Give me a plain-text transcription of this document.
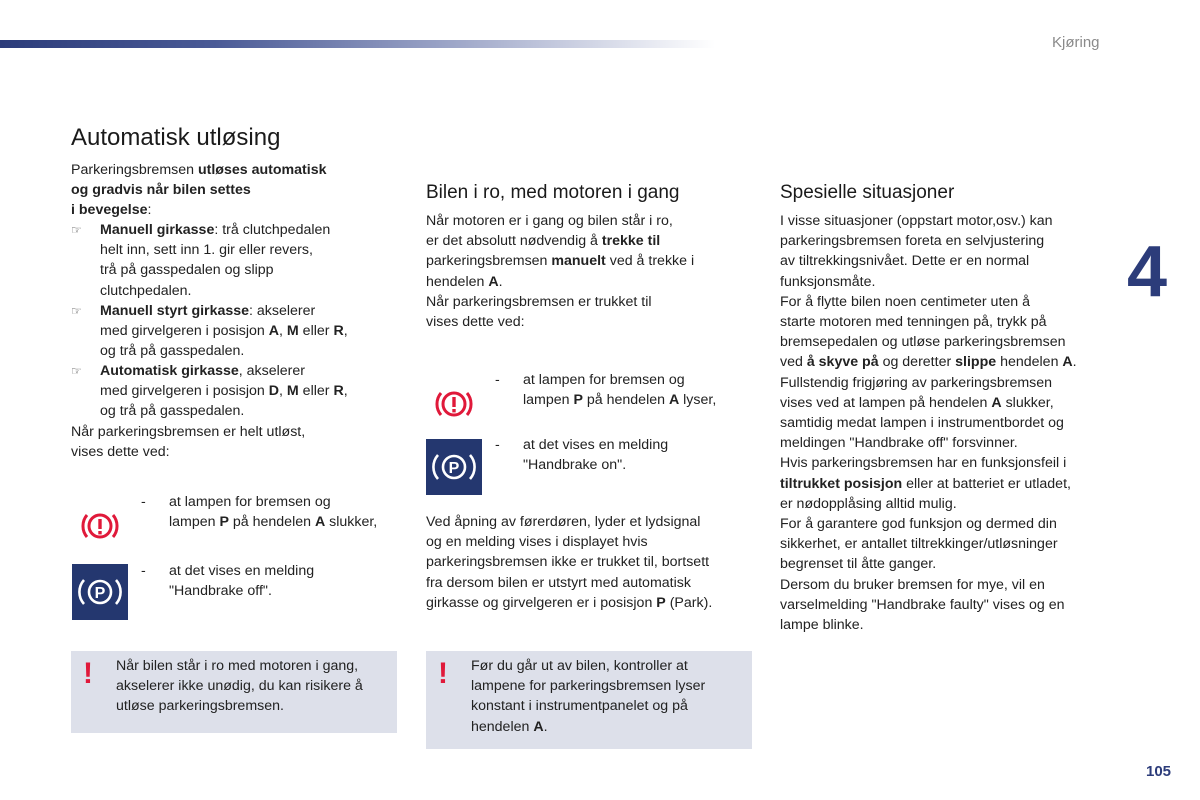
Kjøring
4
105
Automatisk utløsing

Parkeringsbremsen utløses automatisk
og gradvis når bilen settes
i bevegelse:

☞ Manuell girkasse: trå clutchpedalen
helt inn, sett inn 1. gir eller revers,
trå på gasspedalen og slipp
clutchpedalen.
☞ Manuell styrt girkasse: akselerer
med girvelgeren i posisjon A, M eller R,
og trå på gasspedalen.
☞ Automatisk girkasse, akselerer
med girvelgeren i posisjon D, M eller R,
og trå på gasspedalen.

Når parkeringsbremsen er helt utløst,
vises dette ved:

- at lampen for bremsen og
lampen P på hendelen A slukker,
P
- at det vises en melding
"Handbrake off".
! Når bilen står i ro med motoren i gang,
akselerer ikke unødig, du kan risikere å
utløse parkeringsbremsen.
Bilen i ro, med motoren i gang

Når motoren er i gang og bilen står i ro,
er det absolutt nødvendig å trekke til
parkeringsbremsen manuelt ved å trekke i
hendelen A.
Når parkeringsbremsen er trukket til
vises dette ved:

- at lampen for bremsen og
lampen P på hendelen A lyser,
P
- at det vises en melding
"Handbrake on".

Ved åpning av førerdøren, lyder et lydsignal
og en melding vises i displayet hvis
parkeringsbremsen ikke er trukket til, bortsett
fra dersom bilen er utstyrt med automatisk
girkasse og girvelgeren er i posisjon P (Park).

! Før du går ut av bilen, kontroller at
lampene for parkeringsbremsen lyser
konstant i instrumentpanelet og på
hendelen A.
Spesielle situasjoner

I visse situasjoner (oppstart motor,osv.) kan
parkeringsbremsen foreta en selvjustering
av tiltrekkingsnivået. Dette er en normal
funksjonsmåte.
For å flytte bilen noen centimeter uten å
starte motoren med tenningen på, trykk på
bremsepedalen og utløse parkeringsbremsen
ved å skyve på og deretter slippe hendelen A.
Fullstendig frigjøring av parkeringsbremsen
vises ved at lampen på hendelen A slukker,
samtidig medat lampen i instrumentbordet og
meldingen "Handbrake off" forsvinner.
Hvis parkeringsbremsen har en funksjonsfeil i
tiltrukket posisjon eller at batteriet er utladet,
er nødopplåsing alltid mulig.
For å garantere god funksjon og dermed din
sikkerhet, er antallet tiltrekkinger/utløsninger
begrenset til åtte ganger.
Dersom du bruker bremsen for mye, vil en
varselmelding "Handbrake faulty" vises og en
lampe blinke.
